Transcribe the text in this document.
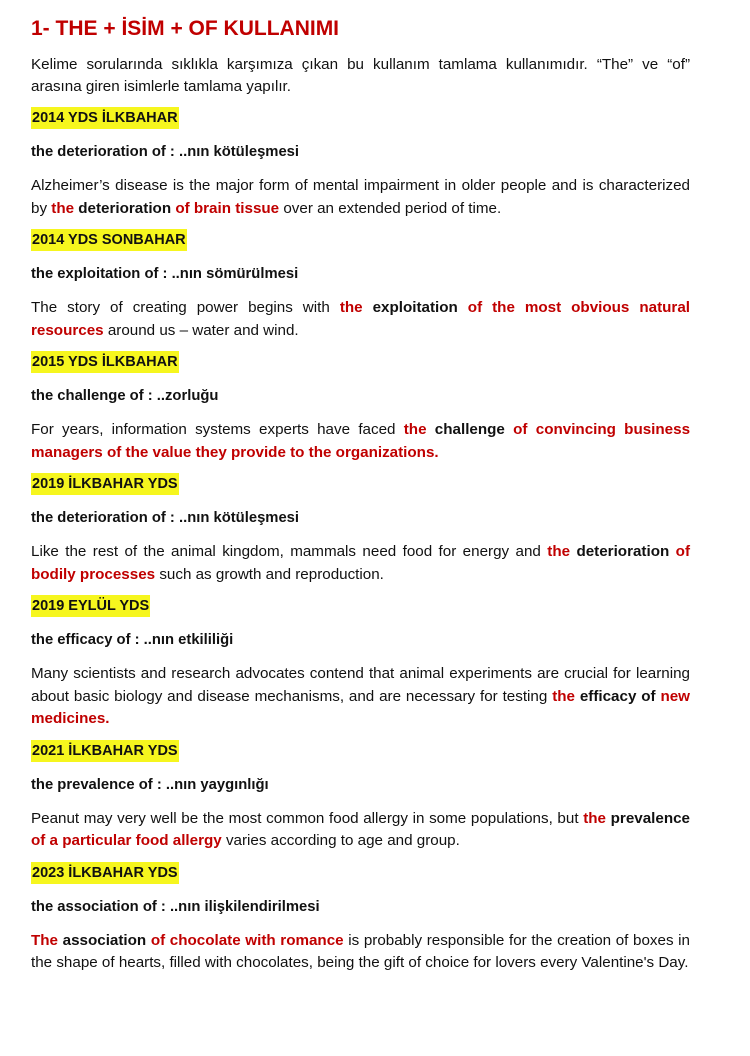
1- THE + İSİM + OF KULLANIMI

Kelime sorularında sıklıkla karşımıza çıkan bu kullanım tamlama kullanımıdır. “The” ve “of” arasına giren isimlerle tamlama yapılır.

2014 YDS İLKBAHAR
the deterioration of : ..nın kötüleşmesi

Alzheimer’s disease is the major form of mental impairment in older people and is characterized by the deterioration of brain tissue over an extended period of time.

2014 YDS SONBAHAR
the exploitation of : ..nın sömürülmesi

The story of creating power begins with the exploitation of the most obvious natural resources around us – water and wind.

2015 YDS İLKBAHAR
the challenge of : ..zorluğu

For years, information systems experts have faced the challenge of convincing business managers of the value they provide to the organizations.

2019 İLKBAHAR YDS
the deterioration of : ..nın kötüleşmesi

Like the rest of the animal kingdom, mammals need food for energy and the deterioration of bodily processes such as growth and reproduction.

2019 EYLÜL YDS
the efficacy of : ..nın etkililiği

Many scientists and research advocates contend that animal experiments are crucial for learning about basic biology and disease mechanisms, and are necessary for testing the efficacy of new medicines.

2021 İLKBAHAR YDS
the prevalence of : ..nın yaygınlığı

Peanut may very well be the most common food allergy in some populations, but the prevalence of a particular food allergy varies according to age and group.

2023 İLKBAHAR YDS
the association of : ..nın ilişkilendirilmesi

The association of chocolate with romance is probably responsible for the creation of boxes in the shape of hearts, filled with chocolates, being the gift of choice for lovers every Valentine's Day.
